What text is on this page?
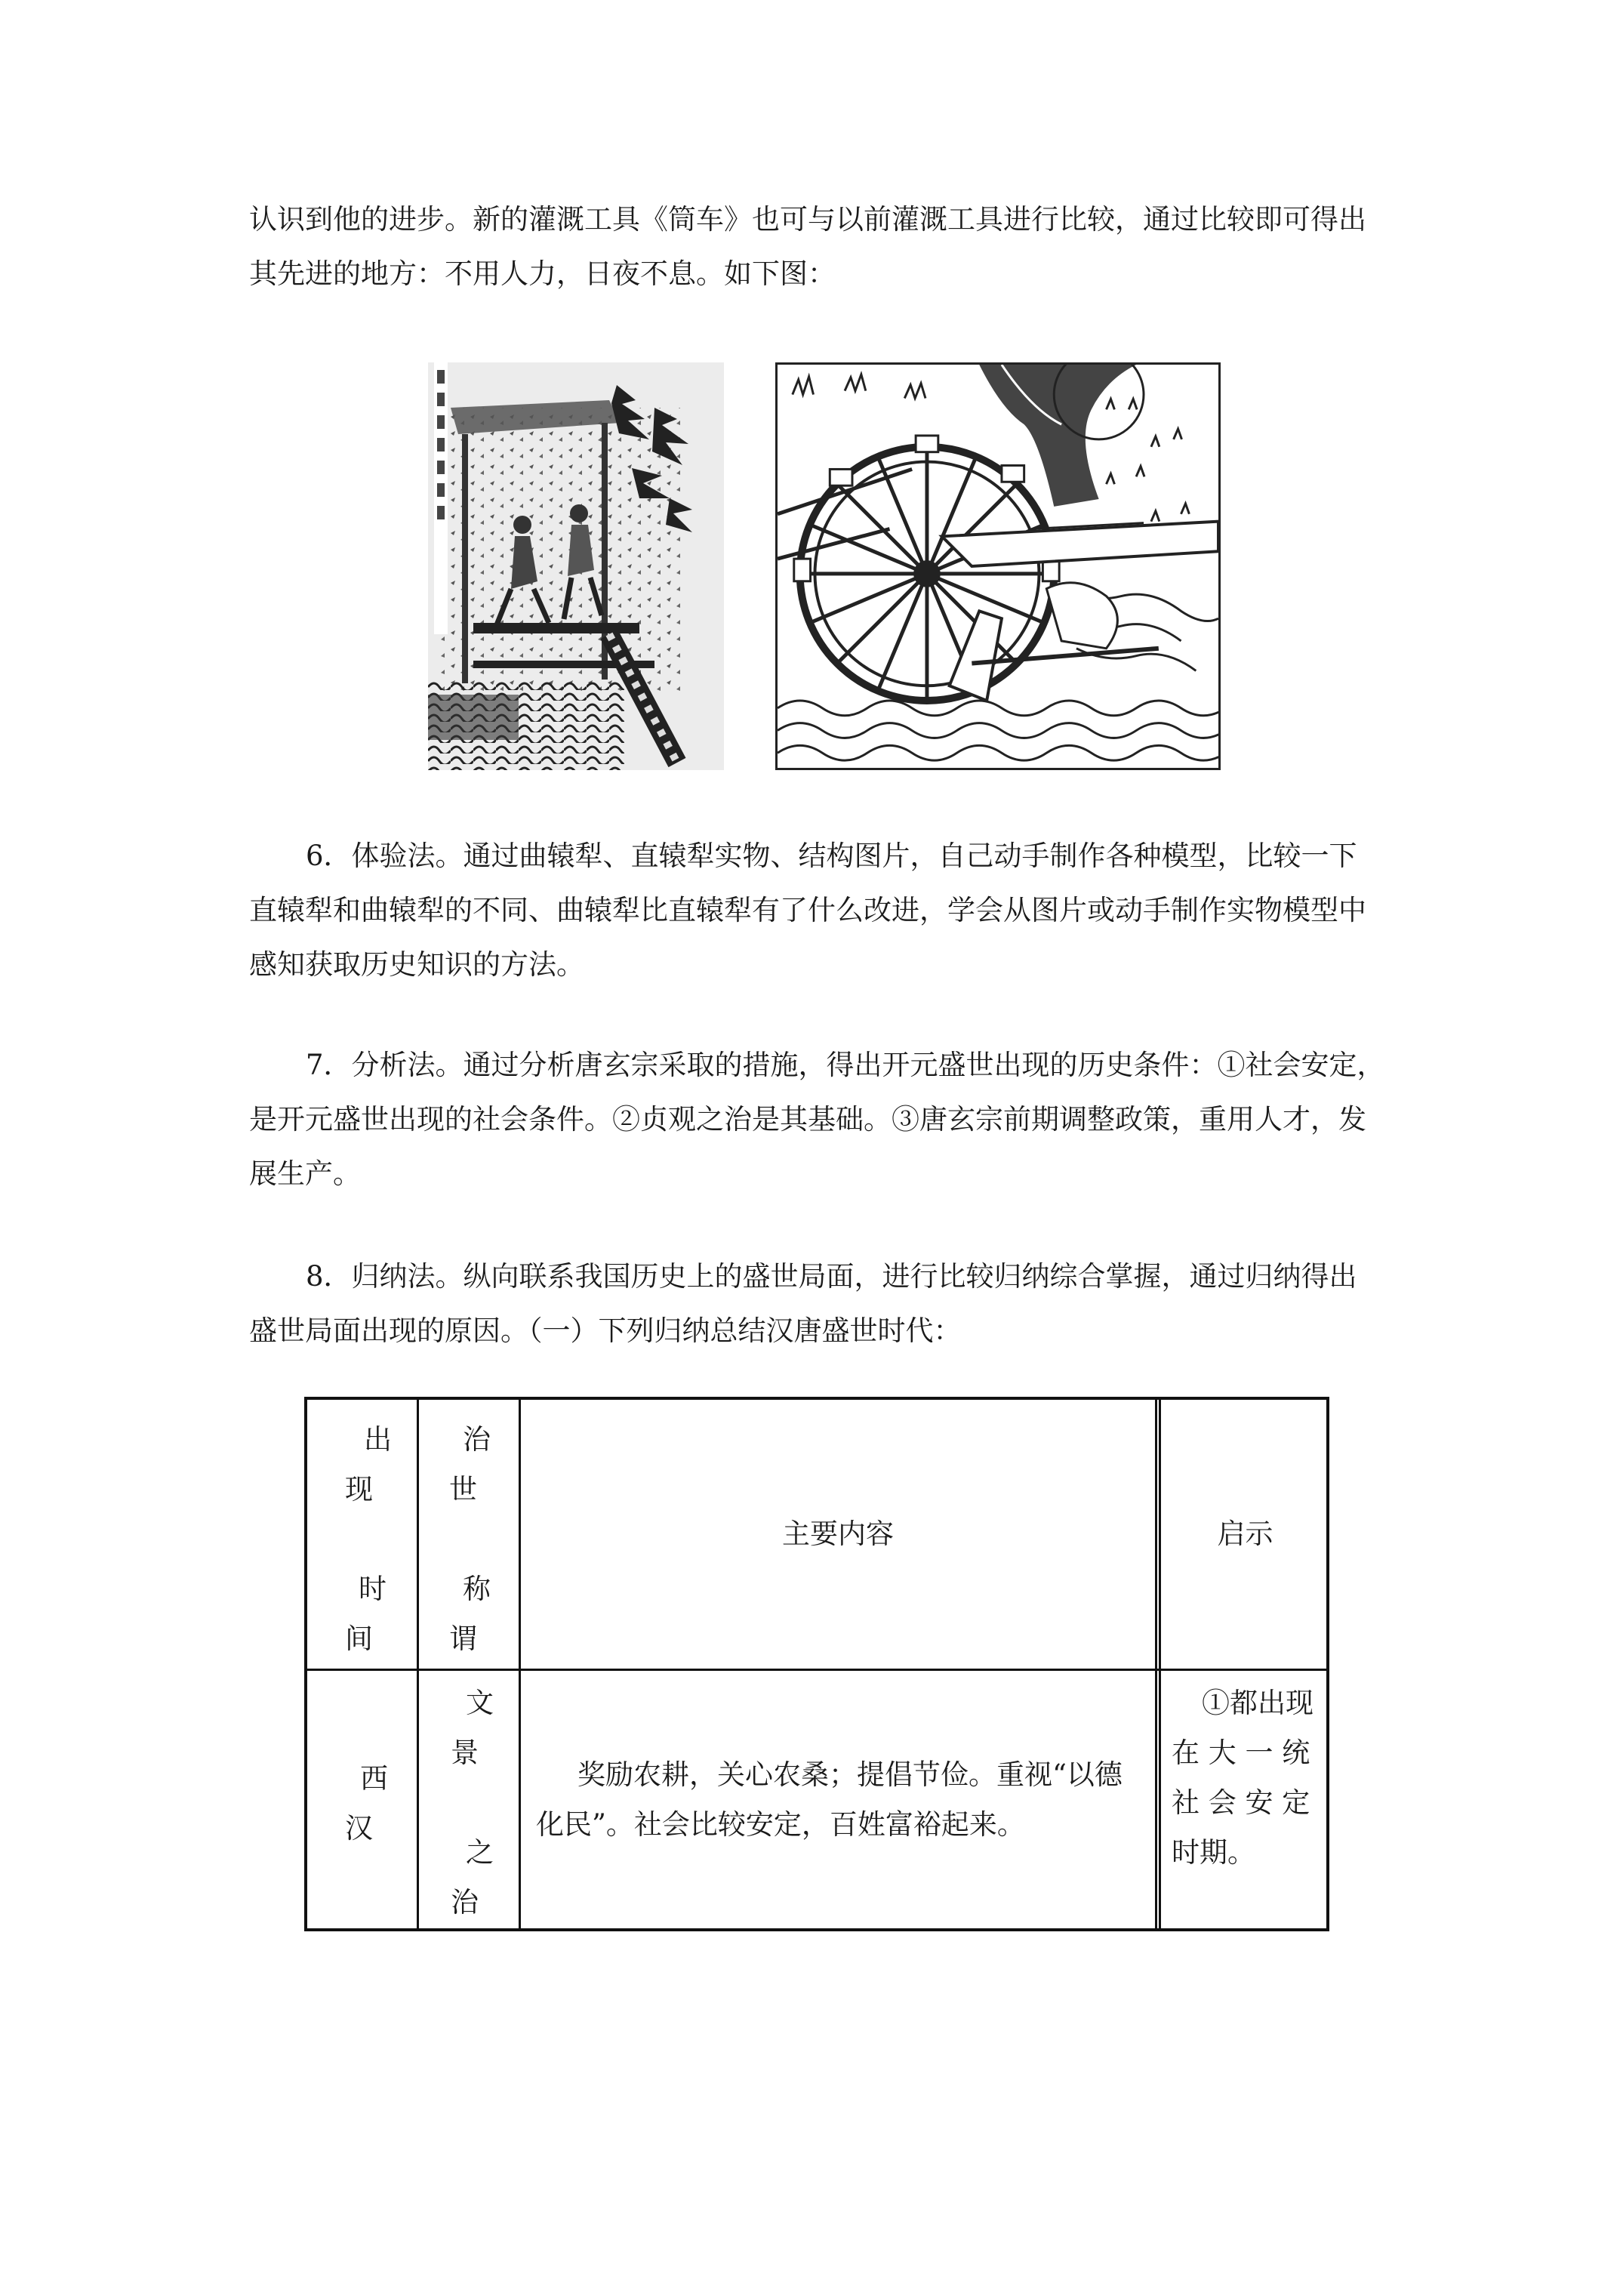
认识到他的进步。新的灌溉工具《筒车》也可与以前灌溉工具进行比较，通过比较即可得出
其先进的地方：不用人力，日夜不息。如下图：

6．体验法。通过曲辕犁、直辕犁实物、结构图片，自己动手制作各种模型，比较一下
直辕犁和曲辕犁的不同、曲辕犁比直辕犁有了什么改进，学会从图片或动手制作实物模型中
感知获取历史知识的方法。

7．分析法。通过分析唐玄宗采取的措施，得出开元盛世出现的历史条件：①社会安定，
是开元盛世出现的社会条件。②贞观之治是其基础。③唐玄宗前期调整政策，重用人才，发
展生产。

8．归纳法。纵向联系我国历史上的盛世局面，进行比较归纳综合掌握，通过归纳得出
盛世局面出现的原因。（一）下列归纳总结汉唐盛世时代：

出
现
时
间
治
世
称
谓
主要内容	启示
西
汉
文
景
之
治
奖励农耕，关心农桑；提倡节俭。重视“以德
化民”。社会比较安定，百姓富裕起来。
①都出现
在 大 一 统
社 会 安 定
时期。
